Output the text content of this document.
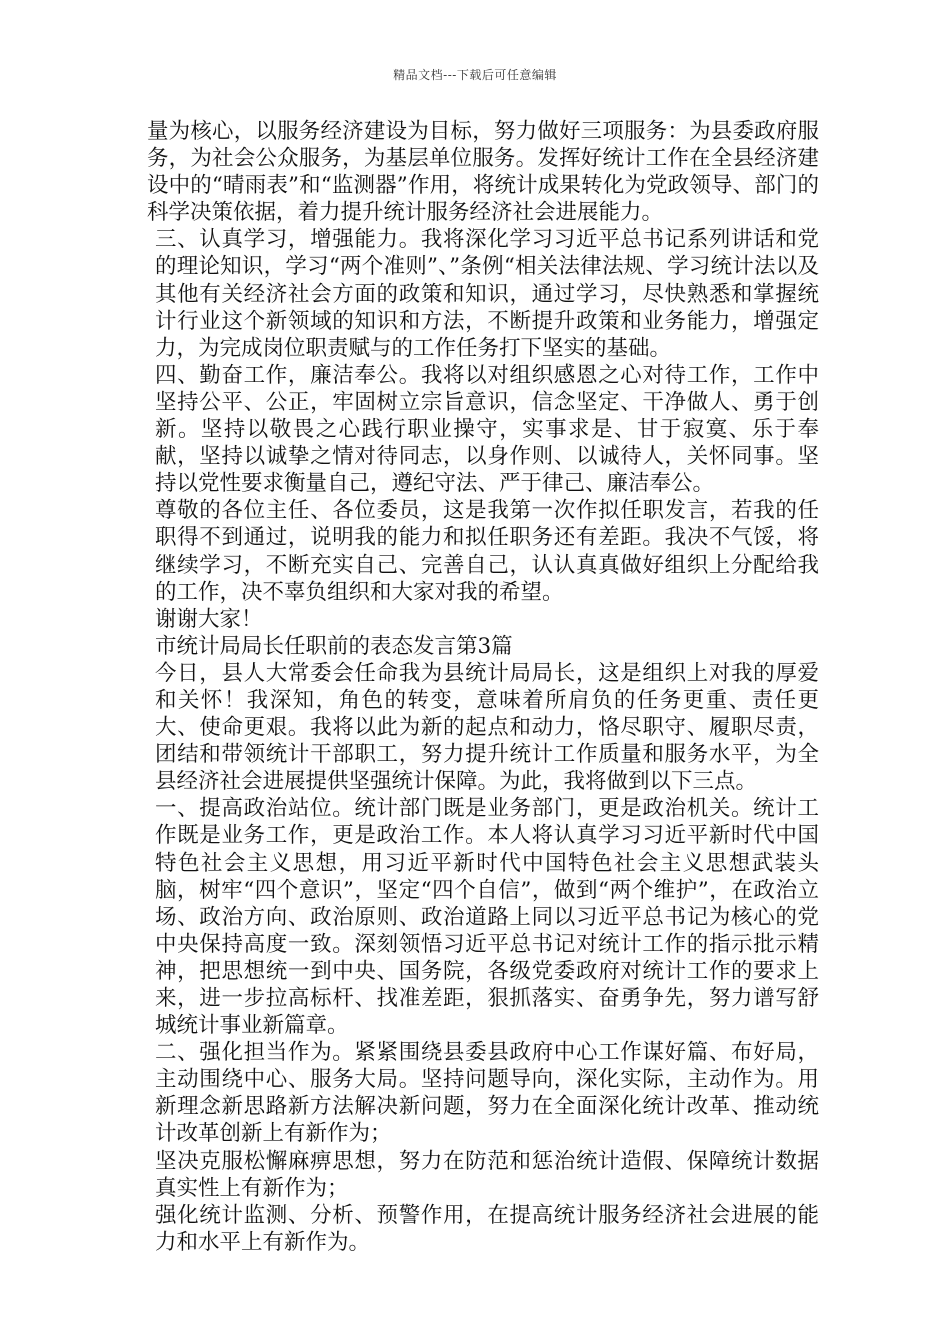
精品文档---下载后可任意编辑

量为核心，以服务经济建设为目标，努力做好三项服务：为县委政府服务，为社会公众服务，为基层单位服务。发挥好统计工作在全县经济建设中的“晴雨表”和“监测器”作用，将统计成果转化为党政领导、部门的科学决策依据，着力提升统计服务经济社会进展能力。

三、认真学习，增强能力。我将深化学习习近平总书记系列讲话和党的理论知识，学习“两个准则”、”条例“相关法律法规、学习统计法以及其他有关经济社会方面的政策和知识，通过学习，尽快熟悉和掌握统计行业这个新领域的知识和方法，不断提升政策和业务能力，增强定力，为完成岗位职责赋与的工作任务打下坚实的基础。

四、勤奋工作，廉洁奉公。我将以对组织感恩之心对待工作，工作中坚持公平、公正，牢固树立宗旨意识，信念坚定、干净做人、勇于创新。坚持以敬畏之心践行职业操守，实事求是、甘于寂寞、乐于奉献，坚持以诚挚之情对待同志，以身作则、以诚待人，关怀同事。坚持以党性要求衡量自己，遵纪守法、严于律己、廉洁奉公。

尊敬的各位主任、各位委员，这是我第一次作拟任职发言，若我的任职得不到通过，说明我的能力和拟任职务还有差距。我决不气馁，将继续学习，不断充实自己、完善自己，认认真真做好组织上分配给我的工作，决不辜负组织和大家对我的希望。

谢谢大家！

市统计局局长任职前的表态发言第3篇

今日，县人大常委会任命我为县统计局局长，这是组织上对我的厚爱和关怀！我深知，角色的转变，意味着所肩负的任务更重、责任更大、使命更艰。我将以此为新的起点和动力，恪尽职守、履职尽责，团结和带领统计干部职工，努力提升统计工作质量和服务水平，为全县经济社会进展提供坚强统计保障。为此，我将做到以下三点。

一、提高政治站位。统计部门既是业务部门，更是政治机关。统计工作既是业务工作，更是政治工作。本人将认真学习习近平新时代中国特色社会主义思想，用习近平新时代中国特色社会主义思想武装头脑，树牢“四个意识”，坚定“四个自信”，做到“两个维护”，在政治立场、政治方向、政治原则、政治道路上同以习近平总书记为核心的党中央保持高度一致。深刻领悟习近平总书记对统计工作的指示批示精神，把思想统一到中央、国务院，各级党委政府对统计工作的要求上来，进一步拉高标杆、找准差距，狠抓落实、奋勇争先，努力谱写舒城统计事业新篇章。

二、强化担当作为。紧紧围绕县委县政府中心工作谋好篇、布好局，主动围绕中心、服务大局。坚持问题导向，深化实际，主动作为。用新理念新思路新方法解决新问题，努力在全面深化统计改革、推动统计改革创新上有新作为；

坚决克服松懈麻痹思想，努力在防范和惩治统计造假、保障统计数据真实性上有新作为；

强化统计监测、分析、预警作用，在提高统计服务经济社会进展的能力和水平上有新作为。
